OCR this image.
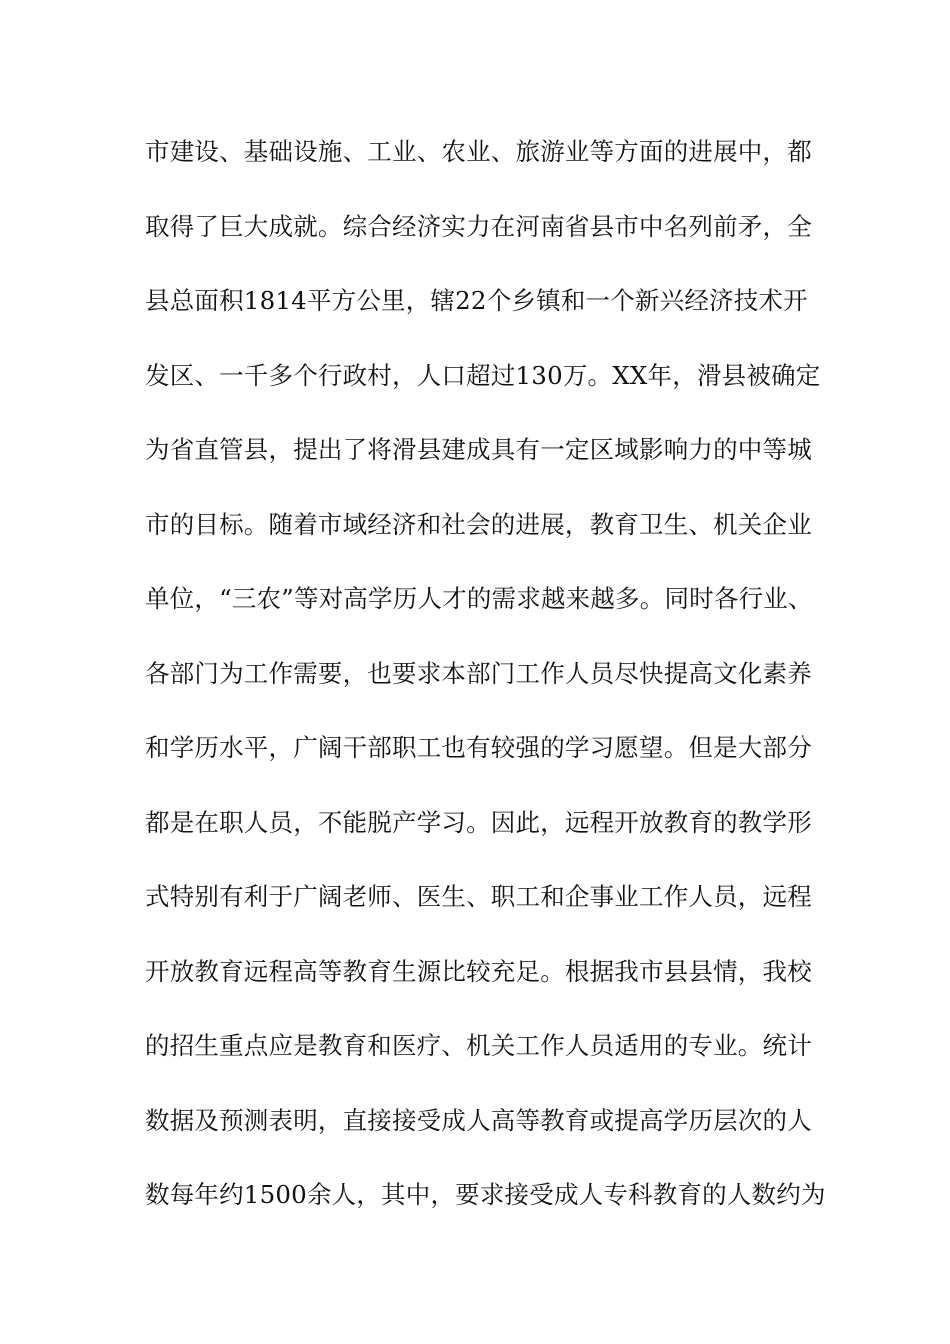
市建设、基础设施、工业、农业、旅游业等方面的进展中，都
取得了巨大成就。综合经济实力在河南省县市中名列前矛，全
县总面积1814平方公里，辖22个乡镇和一个新兴经济技术开
发区、一千多个行政村，人口超过130万。XX年，滑县被确定
为省直管县，提出了将滑县建成具有一定区域影响力的中等城
市的目标。随着市域经济和社会的进展，教育卫生、机关企业
单位，“三农”等对高学历人才的需求越来越多。同时各行业、
各部门为工作需要，也要求本部门工作人员尽快提高文化素养
和学历水平，广阔干部职工也有较强的学习愿望。但是大部分
都是在职人员，不能脱产学习。因此，远程开放教育的教学形
式特别有利于广阔老师、医生、职工和企事业工作人员，远程
开放教育远程高等教育生源比较充足。根据我市县县情，我校
的招生重点应是教育和医疗、机关工作人员适用的专业。统计
数据及预测表明，直接接受成人高等教育或提高学历层次的人
数每年约1500余人，其中，要求接受成人专科教育的人数约为
